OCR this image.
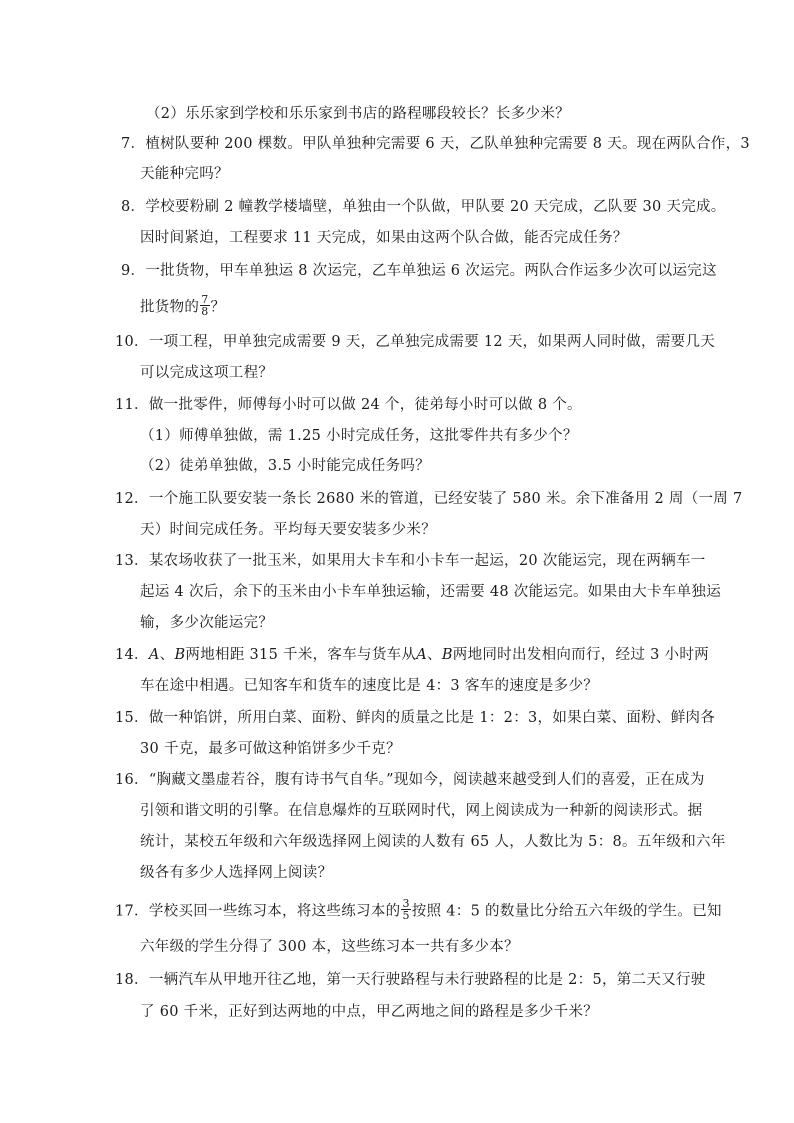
（2）乐乐家到学校和乐乐家到书店的路程哪段较长？长多少米？
7．植树队要种 200 棵数。甲队单独种完需要 6 天，乙队单独种完需要 8 天。现在两队合作，3
天能种完吗？
8．学校要粉刷 2 幢教学楼墙壁，单独由一个队做，甲队要 20 天完成，乙队要 30 天完成。
因时间紧迫，工程要求 11 天完成，如果由这两个队合做，能否完成任务？
9．一批货物，甲车单独运 8 次运完，乙车单独运 6 次运完。两队合作运多少次可以运完这
批货物的 $\frac{7}{8}$ ？
10．一项工程，甲单独完成需要 9 天，乙单独完成需要 12 天，如果两人同时做，需要几天
可以完成这项工程？
11．做一批零件，师傅每小时可以做 24 个，徒弟每小时可以做 8 个。
（1）师傅单独做，需 1.25 小时完成任务，这批零件共有多少个？
（2）徒弟单独做，3.5 小时能完成任务吗？
12．一个施工队要安装一条长 2680 米的管道，已经安装了 580 米。余下准备用 2 周（一周 7
天）时间完成任务。平均每天要安装多少米？
13．某农场收获了一批玉米，如果用大卡车和小卡车一起运，20 次能运完，现在两辆车一
起运 4 次后，余下的玉米由小卡车单独运输，还需要 48 次能运完。如果由大卡车单独运
输，多少次能运完？
14．A、B两地相距 315 千米，客车与货车从A、B两地同时出发相向而行，经过 3 小时两
车在途中相遇。已知客车和货车的速度比是 4：3 客车的速度是多少？
15．做一种馅饼，所用白菜、面粉、鲜肉的质量之比是 1：2：3，如果白菜、面粉、鲜肉各
30 千克，最多可做这种馅饼多少千克？
16．“胸藏文墨虚若谷，腹有诗书气自华。”现如今，阅读越来越受到人们的喜爱，正在成为
引领和谐文明的引擎。在信息爆炸的互联网时代，网上阅读成为一种新的阅读形式。据
统计，某校五年级和六年级选择网上阅读的人数有 65 人，人数比为 5：8。五年级和六年
级各有多少人选择网上阅读？
17．学校买回一些练习本，将这些练习本的 $\frac{3}{5}$ 按照 4：5 的数量比分给五六年级的学生。已知
六年级的学生分得了 300 本，这些练习本一共有多少本？
18．一辆汽车从甲地开往乙地，第一天行驶路程与未行驶路程的比是 2：5，第二天又行驶
了 60 千米，正好到达两地的中点，甲乙两地之间的路程是多少千米？
